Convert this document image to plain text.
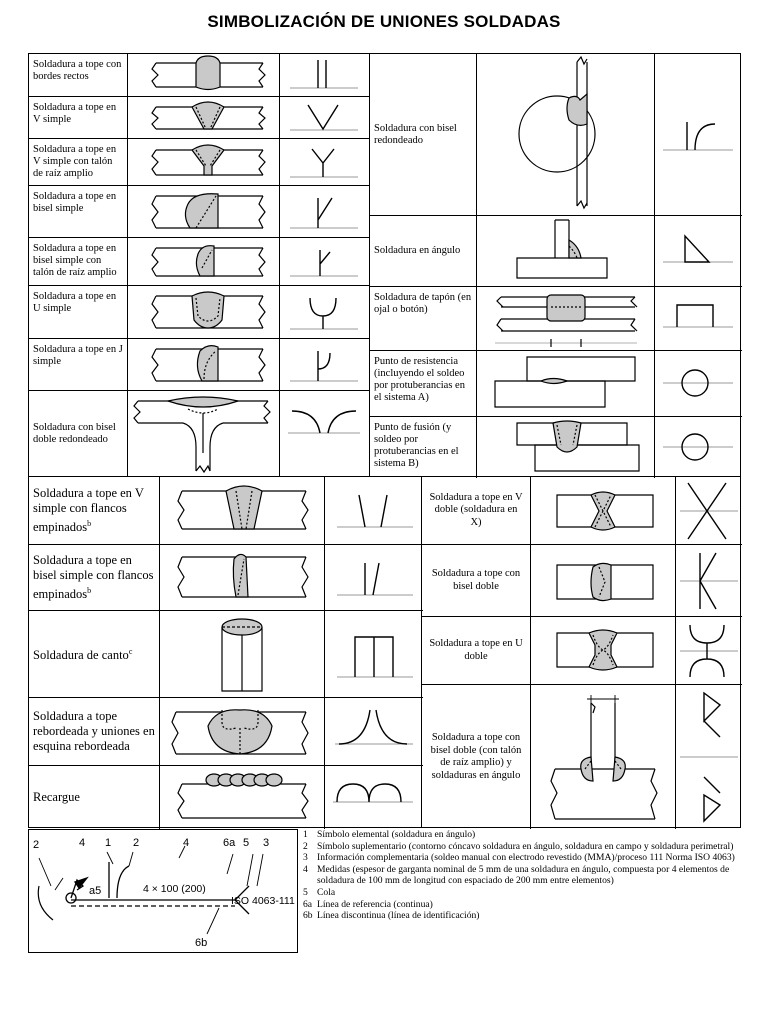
SIMBOLIZACIÓN DE UNIONES SOLDADAS
Soldadura a tope con bordes rectos
Soldadura a tope en V simple
Soldadura a tope en V simple con talón de raíz amplio
Soldadura a tope en bisel simple
Soldadura a tope en bisel simple con talón de raíz amplio
Soldadura a tope en U simple
Soldadura a tope en J simple
Soldadura con bisel doble redondeado
Soldadura con bisel redondeado
Soldadura en ángulo
Soldadura de tapón (en ojal o botón)
Punto de resistencia (incluyendo el soldeo por protuberancias en el sistema A)
Punto de fusión (y soldeo por protuberancias en el sistema B)
Soldadura a tope en V simple con flancos empinados$^b$
Soldadura a tope en bisel simple con flancos empinados$^b$
Soldadura de canto$^c$
Soldadura a tope rebordeada y uniones en esquina rebordeada
Recargue
Soldadura a tope en V doble (soldadura en X)
Soldadura a tope con bisel doble
Soldadura a tope en U doble
Soldadura a tope con bisel doble (con talón de raíz amplio) y soldaduras en ángulo
2	4 1 2	4	6a 5 3
6b
a5	4 × 100 (200)
ISO 4063-111
1 Símbolo elemental (soldadura en ángulo)
2 Símbolo suplementario (contorno cóncavo soldadura en ángulo, soldadura en campo y soldadura perimetral)
3 Información complementaria (soldeo manual con electrodo revestido (MMA)/proceso 111 Norma ISO 4063)
4 Medidas (espesor de garganta nominal de 5 mm de una soldadura en ángulo, compuesta por 4 elementos de soldadura de 100 mm de longitud con espaciado de 200 mm entre elementos)
5 Cola
6a Línea de referencia (continua)
6b Línea discontinua (línea de identificación)
